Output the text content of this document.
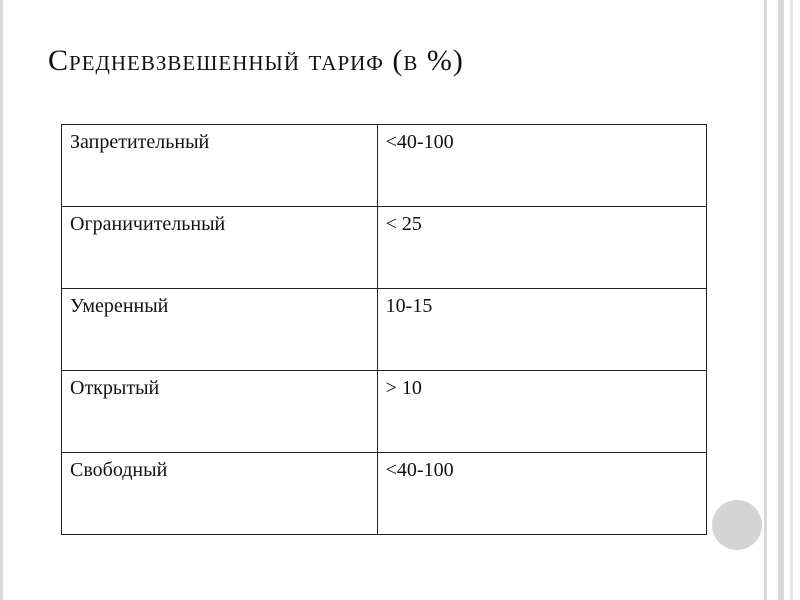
Средневзвешенный тариф (в %)
Запретительный	<40-100
Ограничительный	< 25
Умеренный	10-15
Открытый	> 10
Свободный	<40-100
